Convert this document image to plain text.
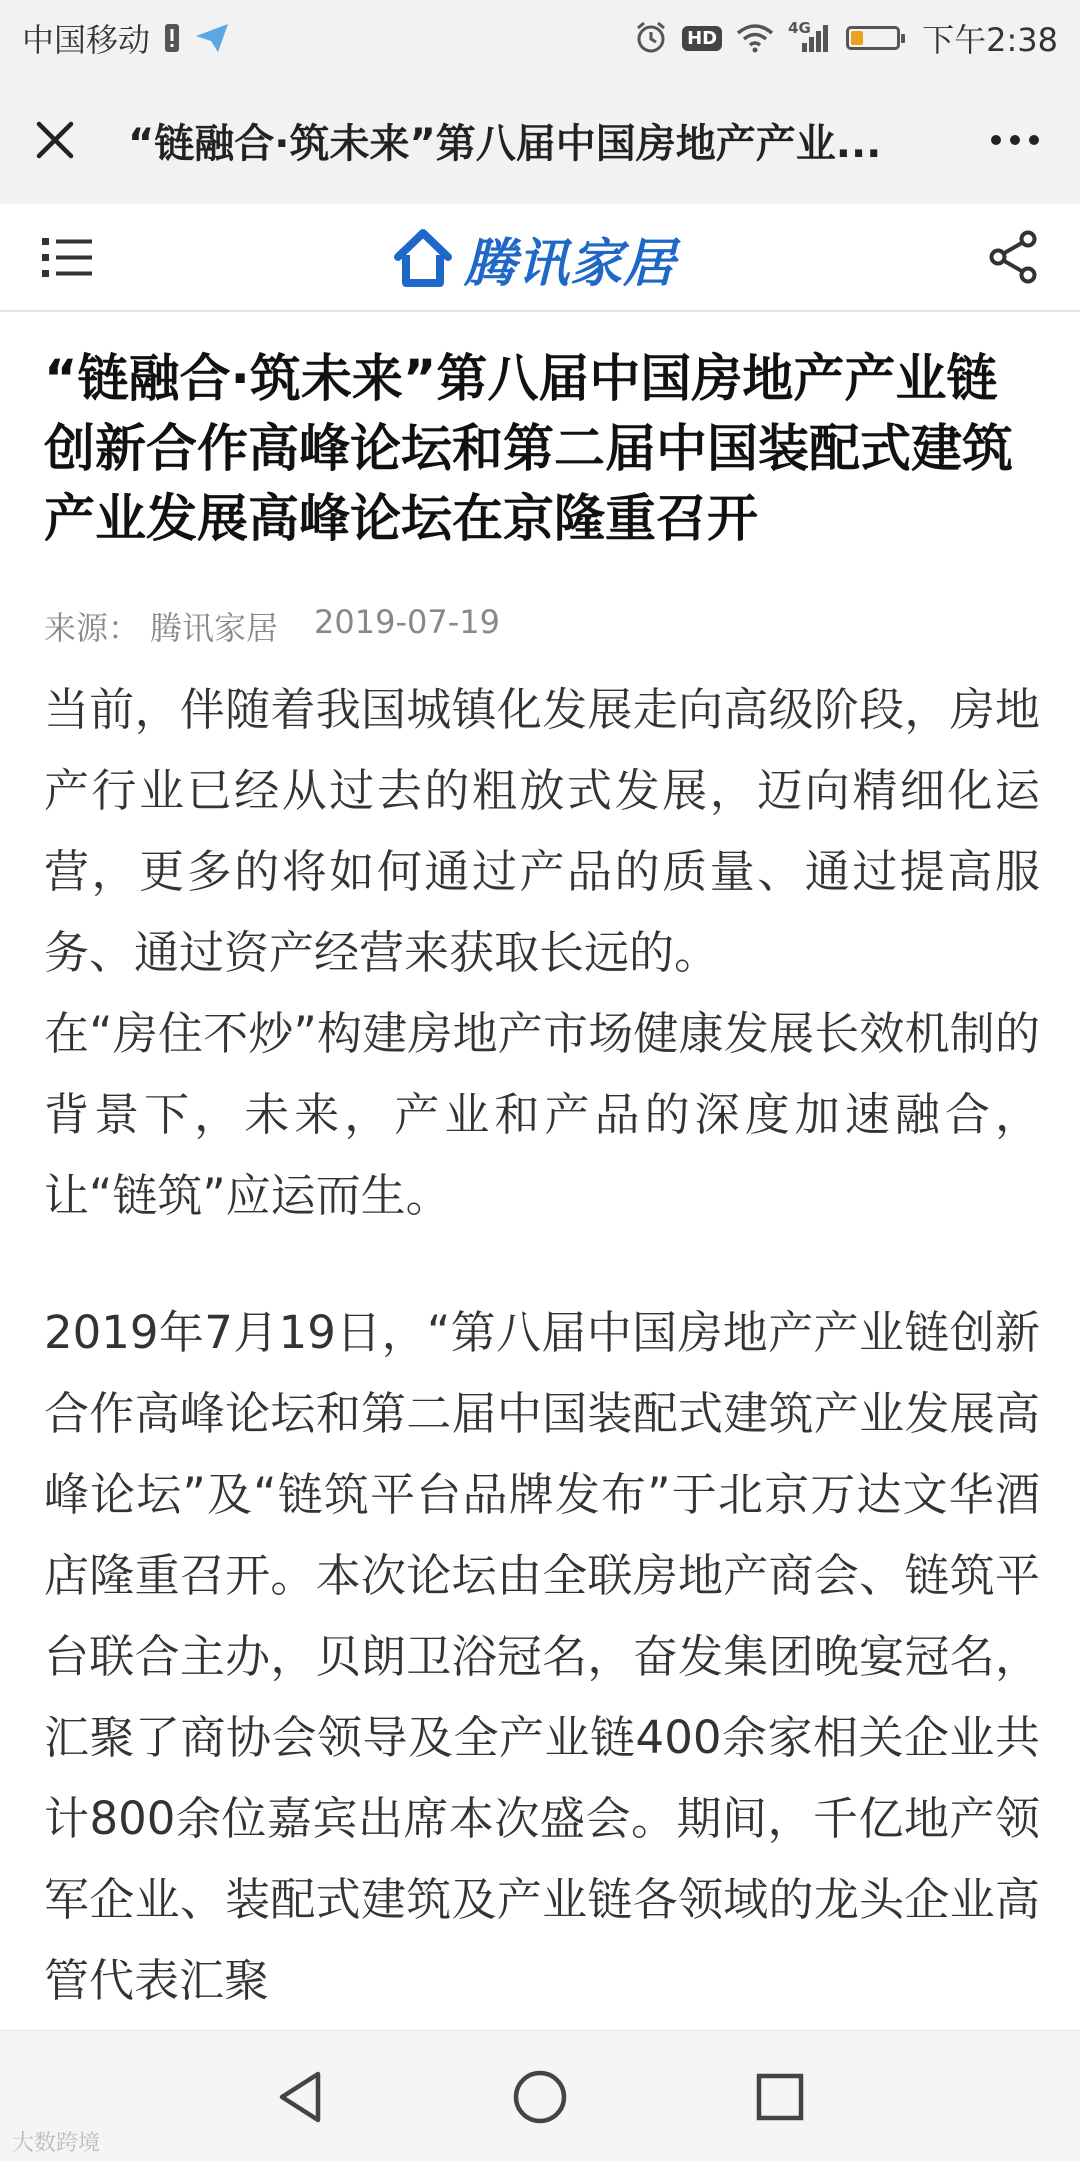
中国移动	HD	4G	下午2:38
“链融合·筑未来”第八届中国房地产产业...
腾讯家居
“链融合·筑未来”第八届中国房地产产业链创新合作高峰论坛和第二届中国装配式建筑产业发展高峰论坛在京隆重召开
来源： 腾讯家居 2019-07-19

当前，伴随着我国城镇化发展走向高级阶段，房地产行业已经从过去的粗放式发展，迈向精细化运营，更多的将如何通过产品的质量、通过提高服务、通过资产经营来获取长远的。

在“房住不炒”构建房地产市场健康发展长效机制的背景下，未来，产业和产品的深度加速融合，让“链筑”应运而生。

2019年7月19日，“第八届中国房地产产业链创新合作高峰论坛和第二届中国装配式建筑产业发展高峰论坛”及“链筑平台品牌发布”于北京万达文华酒店隆重召开。本次论坛由全联房地产商会、链筑平台联合主办，贝朗卫浴冠名，奋发集团晚宴冠名，汇聚了商协会领导及全产业链400余家相关企业共计800余位嘉宾出席本次盛会。期间，千亿地产领军企业、装配式建筑及产业链各领域的龙头企业高管代表汇聚

大数跨境
